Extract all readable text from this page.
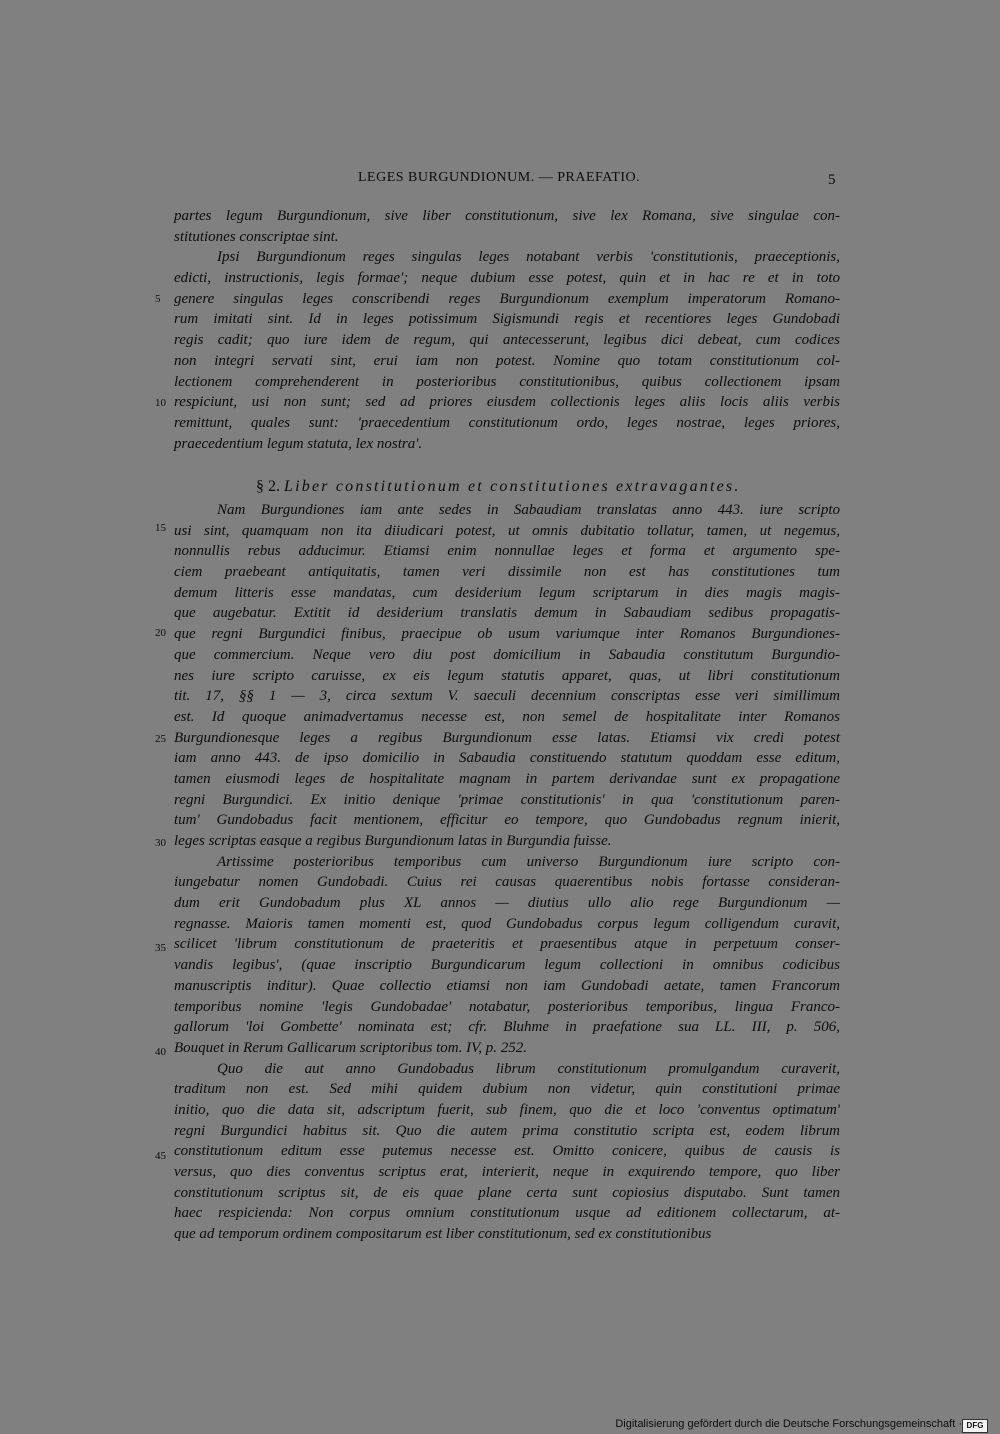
LEGES BURGUNDIONUM. — PRAEFATIO.	5
partes legum Burgundionum, sive liber constitutionum, sive lex Romana, sive singulae con-
stitutiones conscriptae sint.
Ipsi Burgundionum reges singulas leges notabant verbis 'constitutionis, praeceptionis,
edicti, instructionis, legis formae'; neque dubium esse potest, quin et in hac re et in toto
genere singulas leges conscribendi reges Burgundionum exemplum imperatorum Romano-
rum imitati sint. Id in leges potissimum Sigismundi regis et recentiores leges Gundobadi
regis cadit; quo iure idem de regum, qui antecesserunt, legibus dici debeat, cum codices
non integri servati sint, erui iam non potest. Nomine quo totam constitutionum col-
lectionem comprehenderent in posterioribus constitutionibus, quibus collectionem ipsam
respiciunt, usi non sunt; sed ad priores eiusdem collectionis leges aliis locis aliis verbis
remittunt, quales sunt: 'praecedentium constitutionum ordo, leges nostrae, leges priores,
praecedentium legum statuta, lex nostra'.
§ 2. Liber constitutionum et constitutiones extravagantes.
Nam Burgundiones iam ante sedes in Sabaudiam translatas anno 443. iure scripto
usi sint, quamquam non ita diiudicari potest, ut omnis dubitatio tollatur, tamen, ut negemus,
nonnullis rebus adducimur. Etiamsi enim nonnullae leges et forma et argumento spe-
ciem praebeant antiquitatis, tamen veri dissimile non est has constitutiones tum
demum litteris esse mandatas, cum desiderium legum scriptarum in dies magis magis-
que augebatur. Extitit id desiderium translatis demum in Sabaudiam sedibus propagatis-
que regni Burgundici finibus, praecipue ob usum variumque inter Romanos Burgundiones-
que commercium. Neque vero diu post domicilium in Sabaudia constitutum Burgundio-
nes iure scripto caruisse, ex eis legum statutis apparet, quas, ut libri constitutionum
tit. 17, §§ 1 — 3, circa sextum V. saeculi decennium conscriptas esse veri simillimum
est. Id quoque animadvertamus necesse est, non semel de hospitalitate inter Romanos
Burgundionesque leges a regibus Burgundionum esse latas. Etiamsi vix credi potest
iam anno 443. de ipso domicilio in Sabaudia constituendo statutum quoddam esse editum,
tamen eiusmodi leges de hospitalitate magnam in partem derivandae sunt ex propagatione
regni Burgundici. Ex initio denique 'primae constitutionis' in qua 'constitutionum paren-
tum' Gundobadus facit mentionem, efficitur eo tempore, quo Gundobadus regnum inierit,
leges scriptas easque a regibus Burgundionum latas in Burgundia fuisse.
Artissime posterioribus temporibus cum universo Burgundionum iure scripto con-
iungebatur nomen Gundobadi. Cuius rei causas quaerentibus nobis fortasse consideran-
dum erit Gundobadum plus XL annos — diutius ullo alio rege Burgundionum —
regnasse. Maioris tamen momenti est, quod Gundobadus corpus legum colligendum curavit,
scilicet 'librum constitutionum de praeteritis et praesentibus atque in perpetuum conser-
vandis legibus', (quae inscriptio Burgundicarum legum collectioni in omnibus codicibus
manuscriptis inditur). Quae collectio etiamsi non iam Gundobadi aetate, tamen Francorum
temporibus nomine 'legis Gundobadae' notabatur, posterioribus temporibus, lingua Franco-
gallorum 'loi Gombette' nominata est; cfr. Bluhme in praefatione sua LL. III, p. 506,
Bouquet in Rerum Gallicarum scriptoribus tom. IV, p. 252.
Quo die aut anno Gundobadus librum constitutionum promulgandum curaverit,
traditum non est. Sed mihi quidem dubium non videtur, quin constitutioni primae
initio, quo die data sit, adscriptum fuerit, sub finem, quo die et loco 'conventus optimatum'
regni Burgundici habitus sit. Quo die autem prima constitutio scripta est, eodem librum
constitutionum editum esse putemus necesse est. Omitto conicere, quibus de causis is
versus, quo dies conventus scriptus erat, interierit, neque in exquirendo tempore, quo liber
constitutionum scriptus sit, de eis quae plane certa sunt copiosius disputabo. Sunt tamen
haec respicienda: Non corpus omnium constitutionum usque ad editionem collectarum, at-
que ad temporum ordinem compositarum est liber constitutionum, sed ex constitutionibus
5
10
15
20
25
30
35
40
45
Digitalisierung gefördert durch die Deutsche Forschungsgemeinschaft · DFG
